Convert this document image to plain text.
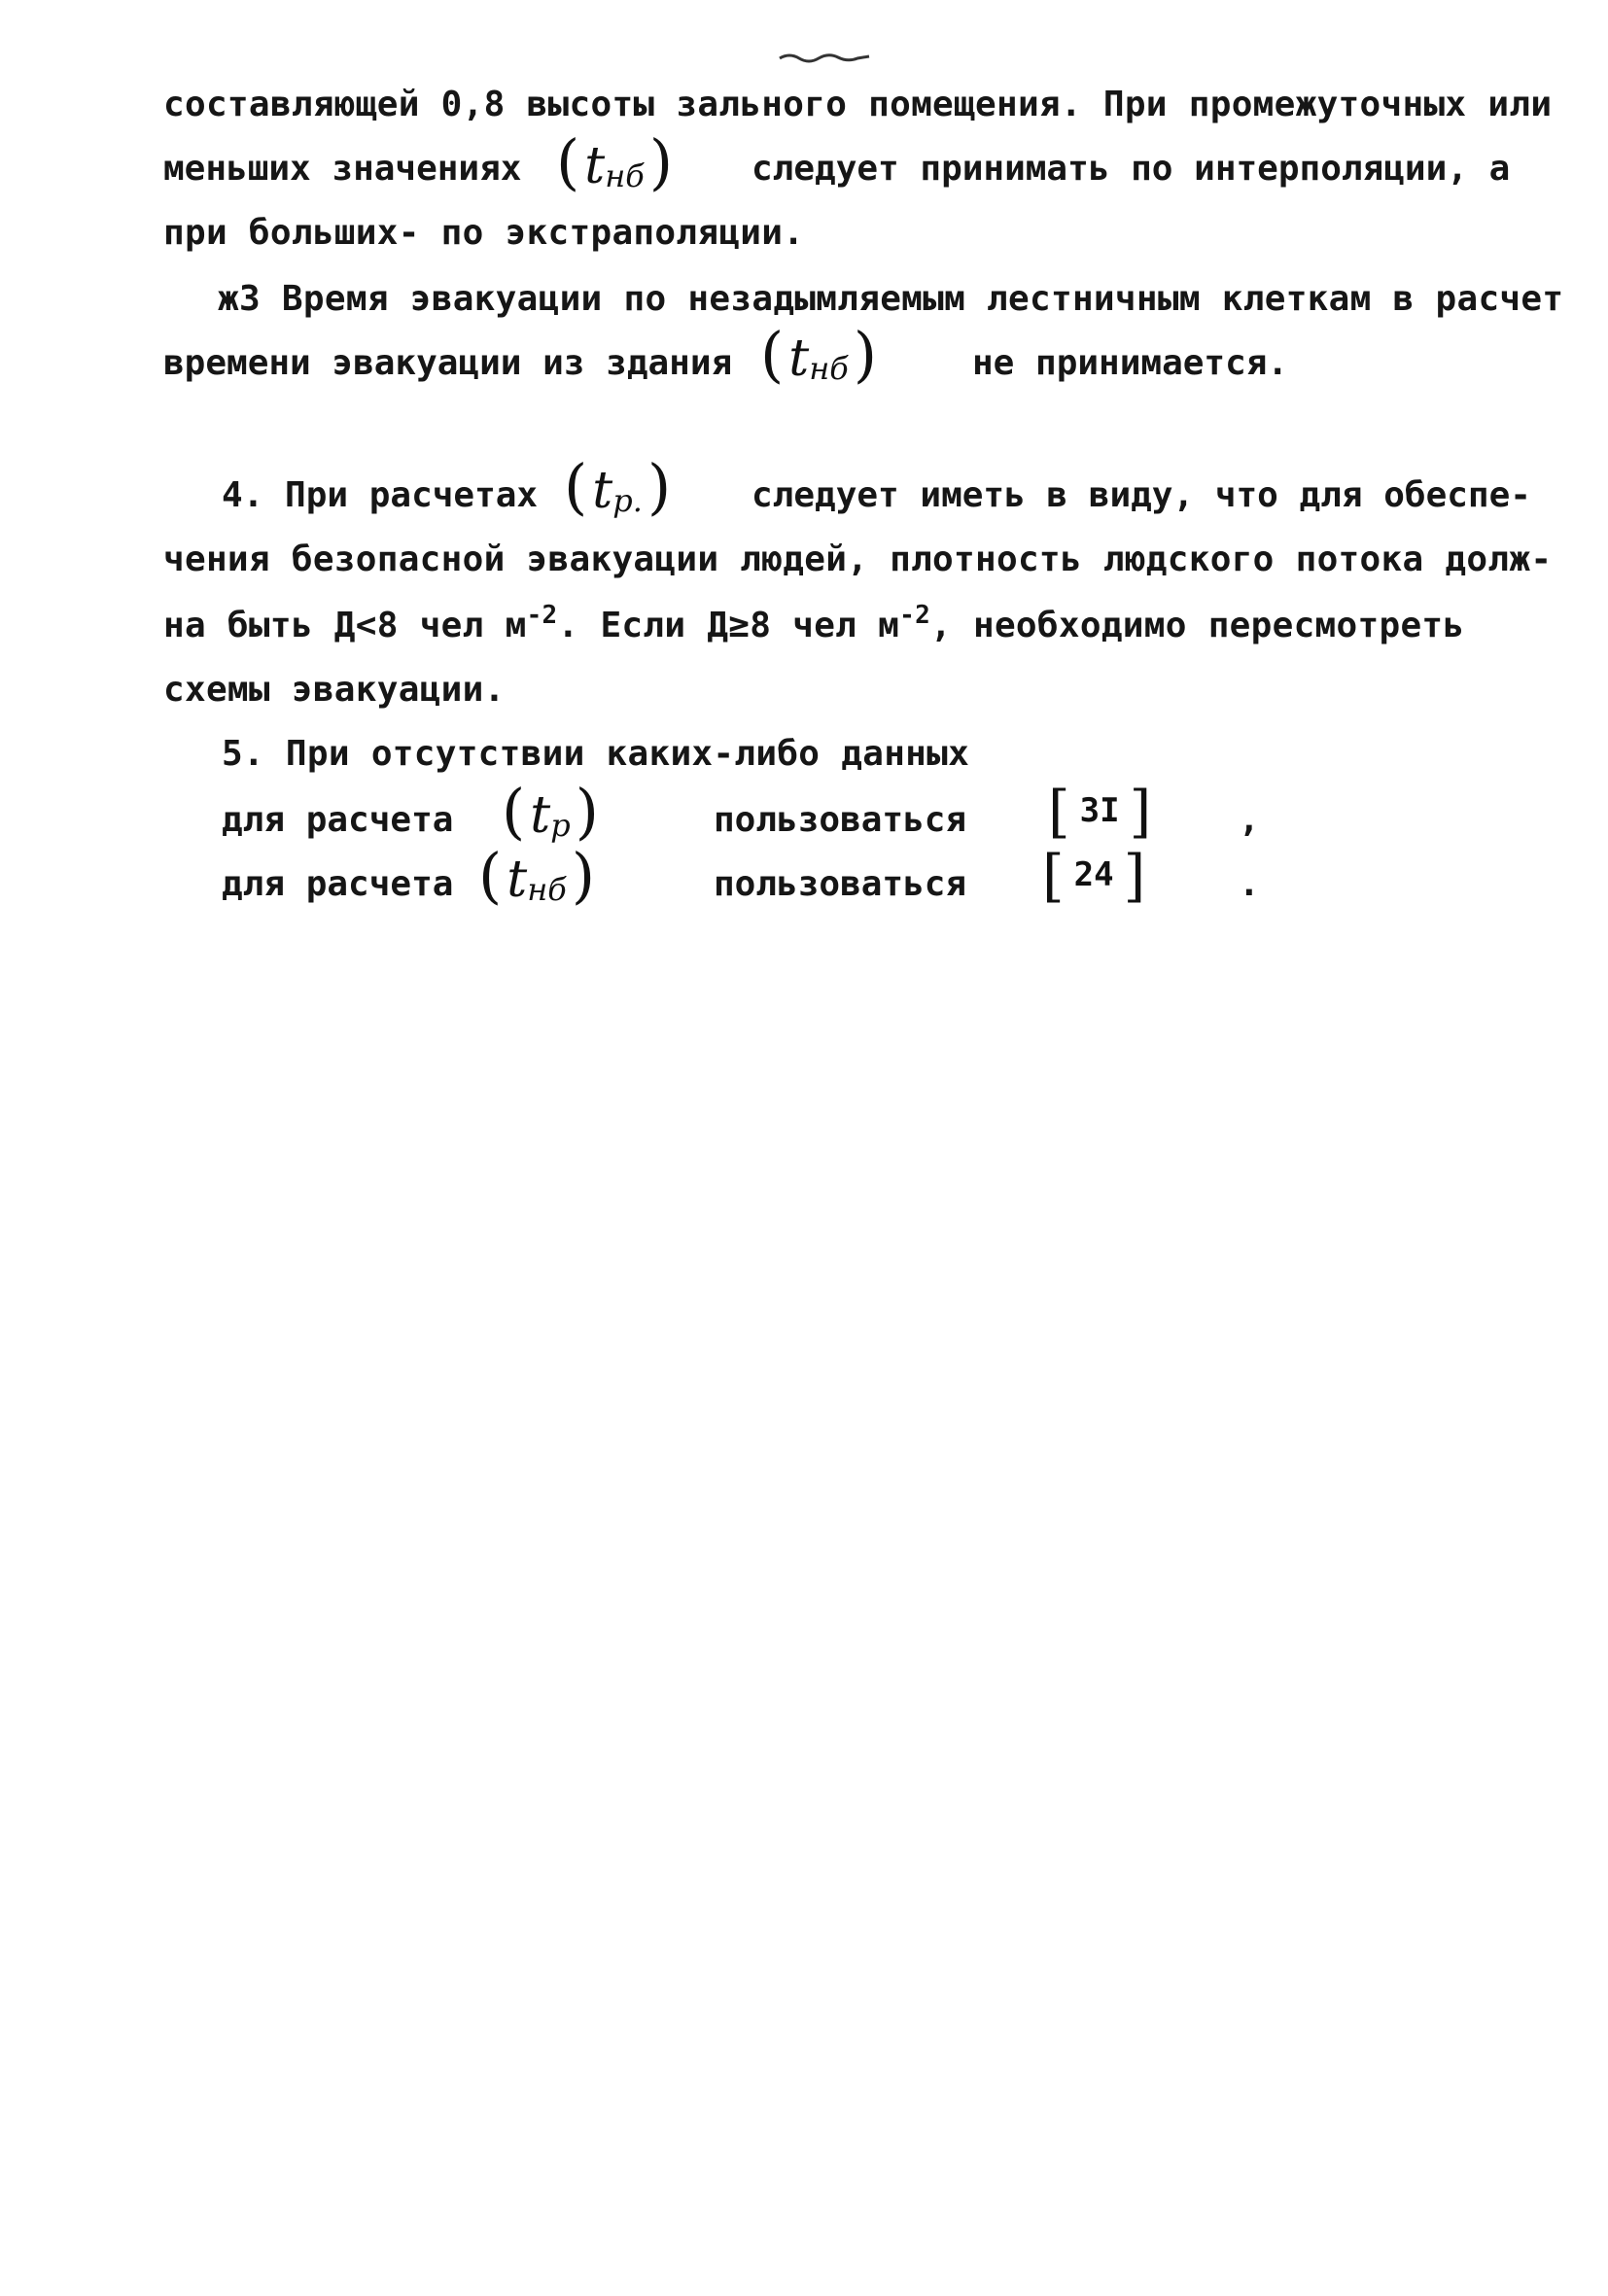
составляющей 0,8 высоты зального помещения. При промежуточных или
меньших значениях ( $t_{нб}$ ) следует принимать по интерполяции, а
при больших- по экстраполяции.
ж3 Время эвакуации по незадымляемым лестничным клеткам в расчет
времени эвакуации из здания ( $t_{нб}$ )	не принимается.
4. При расчетах ( $t_{р.}$ ) следует иметь в виду, что для обеспе-
чения безопасной эвакуации людей, плотность людского потока долж-
на быть Д<8 чел $м^{-2}$. Если Д≥8 чел $м^{-2}$, необходимо пересмотреть
схемы эвакуации.
5. При отсутствии каких-либо данных
для расчета ( $t_р$ )	пользоваться [ 3I ] ,
для расчета ( $t_{нб}$ )	пользоваться [ 24 ]	.
